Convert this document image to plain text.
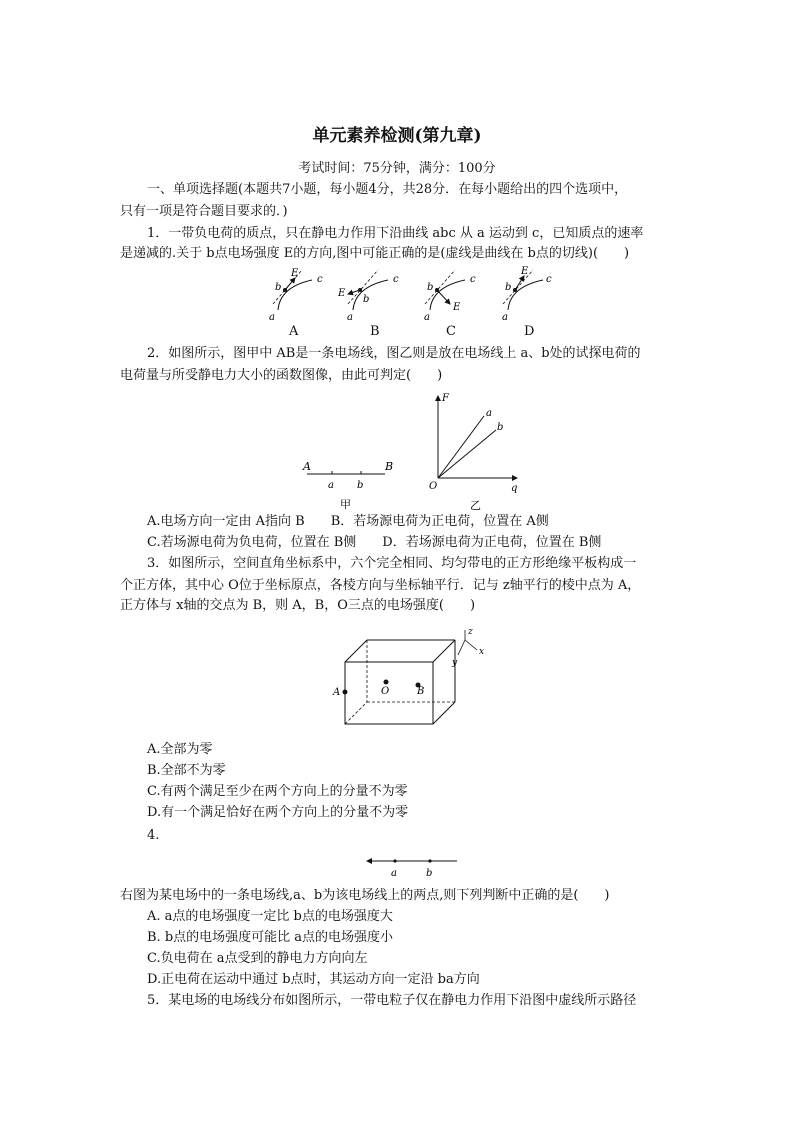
单元素养检测(第九章)
考试时间：75分钟，满分：100分
一、单项选择题(本题共7小题，每小题4分，共28分．在每小题给出的四个选项中，
只有一项是符合题目要求的．)
1．一带负电荷的质点，只在静电力作用下沿曲线 abc 从 a 运动到 c，已知质点的速率
是递减的.关于 b点电场强度 E的方向,图中可能正确的是(虚线是曲线在 b点的切线)(　　)
E
b
c
a
E
b
c
a
E
b
c
a
E
b
c
a
A	B	C	D
2．如图所示，图甲中 AB是一条电场线，图乙则是放在电场线上 a、b处的试探电荷的
电荷量与所受静电力大小的函数图像，由此可判定(　　)
A	B
a b
甲
F
a
b
O	q
乙
A.电场方向一定由 A指向 B　　B．若场源电荷为正电荷，位置在 A侧
C.若场源电荷为负电荷，位置在 B侧　　D．若场源电荷为正电荷，位置在 B侧
3．如图所示，空间直角坐标系中，六个完全相同、均匀带电的正方形绝缘平板构成一
个正方体，其中心 O位于坐标原点，各棱方向与坐标轴平行．记与 z轴平行的棱中点为 A，
正方体与 x轴的交点为 B，则 A，B，O三点的电场强度(　　)
A	O	B
z
x
y
A.全部为零
B.全部不为零
C.有两个满足至少在两个方向上的分量不为零
D.有一个满足恰好在两个方向上的分量不为零
4.
a	b
右图为某电场中的一条电场线,a、b为该电场线上的两点,则下列判断中正确的是(　　)
A. a点的电场强度一定比 b点的电场强度大
B. b点的电场强度可能比 a点的电场强度小
C.负电荷在 a点受到的静电力方向向左
D.正电荷在运动中通过 b点时，其运动方向一定沿 ba方向
5．某电场的电场线分布如图所示，一带电粒子仅在静电力作用下沿图中虚线所示路径
